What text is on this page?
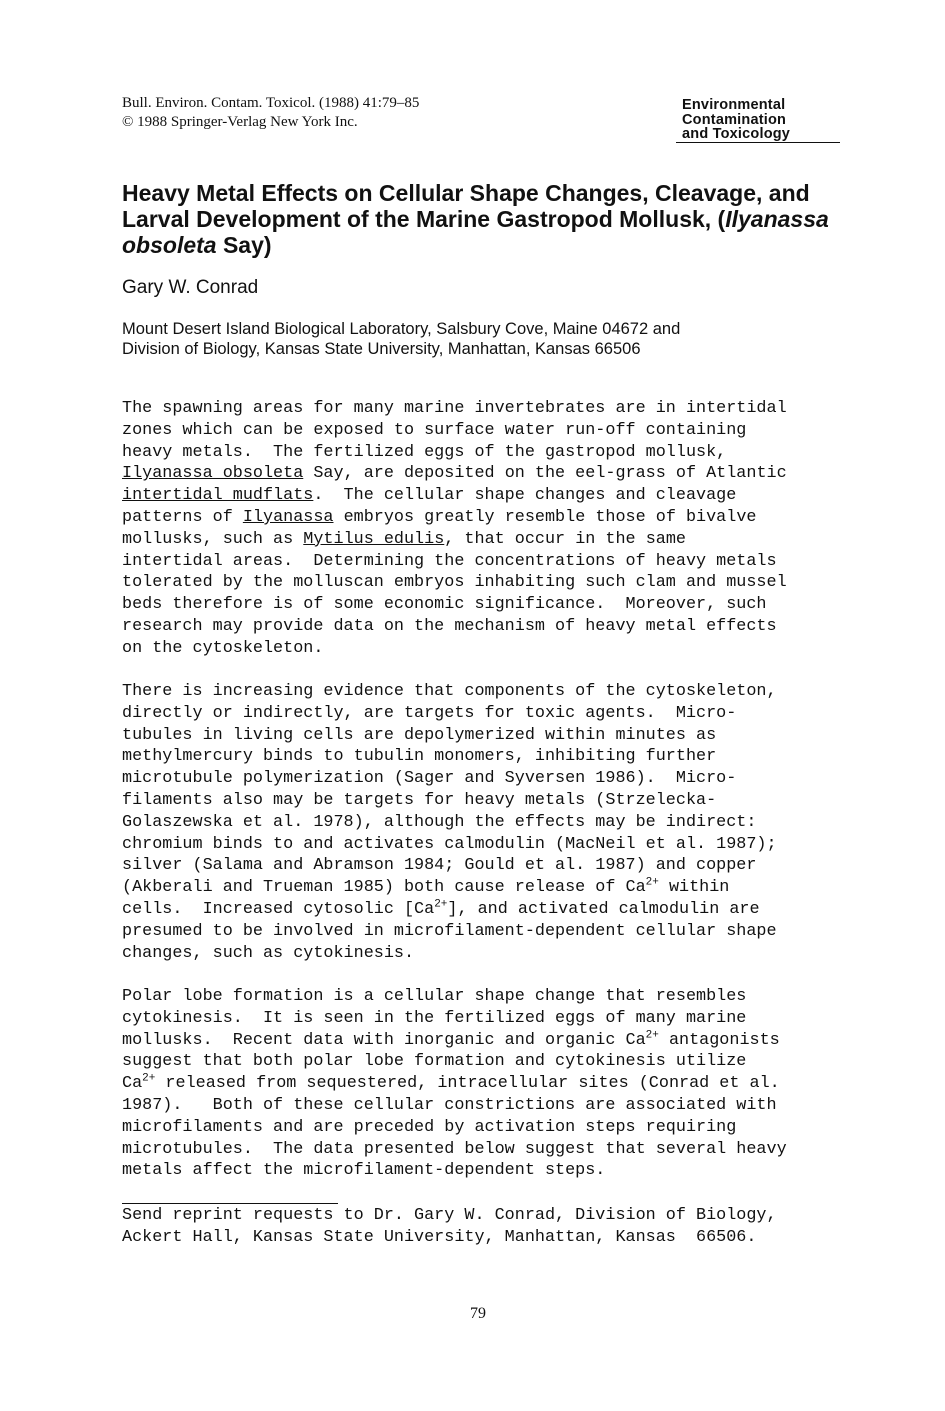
Bull. Environ. Contam. Toxicol. (1988) 41:79–85
© 1988 Springer-Verlag New York Inc.
Environmental
Contamination
and Toxicology
Heavy Metal Effects on Cellular Shape Changes, Cleavage, and Larval Development of the Marine Gastropod Mollusk, (Ilyanassa obsoleta Say)
Gary W. Conrad
Mount Desert Island Biological Laboratory, Salsbury Cove, Maine 04672 and
Division of Biology, Kansas State University, Manhattan, Kansas 66506
The spawning areas for many marine invertebrates are in intertidal
zones which can be exposed to surface water run-off containing
heavy metals.  The fertilized eggs of the gastropod mollusk,
Ilyanassa obsoleta Say, are deposited on the eel-grass of Atlantic
intertidal mudflats.  The cellular shape changes and cleavage
patterns of Ilyanassa embryos greatly resemble those of bivalve
mollusks, such as Mytilus edulis, that occur in the same
intertidal areas.  Determining the concentrations of heavy metals
tolerated by the molluscan embryos inhabiting such clam and mussel
beds therefore is of some economic significance.  Moreover, such
research may provide data on the mechanism of heavy metal effects
on the cytoskeleton.
There is increasing evidence that components of the cytoskeleton,
directly or indirectly, are targets for toxic agents.  Micro-
tubules in living cells are depolymerized within minutes as
methylmercury binds to tubulin monomers, inhibiting further
microtubule polymerization (Sager and Syversen 1986).  Micro-
filaments also may be targets for heavy metals (Strzelecka-
Golaszewska et al. 1978), although the effects may be indirect:
chromium binds to and activates calmodulin (MacNeil et al. 1987);
silver (Salama and Abramson 1984; Gould et al. 1987) and copper
(Akberali and Trueman 1985) both cause release of $Ca^{2+}$ within
cells.  Increased cytosolic $[Ca^{2+}]$, and activated calmodulin are
presumed to be involved in microfilament-dependent cellular shape
changes, such as cytokinesis.
Polar lobe formation is a cellular shape change that resembles
cytokinesis.  It is seen in the fertilized eggs of many marine
mollusks.  Recent data with inorganic and organic $Ca^{2+}$ antagonists
suggest that both polar lobe formation and cytokinesis utilize
$Ca^{2+}$ released from sequestered, intracellular sites (Conrad et al.
1987).   Both of these cellular constrictions are associated with
microfilaments and are preceded by activation steps requiring
microtubules.  The data presented below suggest that several heavy
metals affect the microfilament-dependent steps.
Send reprint requests to Dr. Gary W. Conrad, Division of Biology,
Ackert Hall, Kansas State University, Manhattan, Kansas  66506.
79
